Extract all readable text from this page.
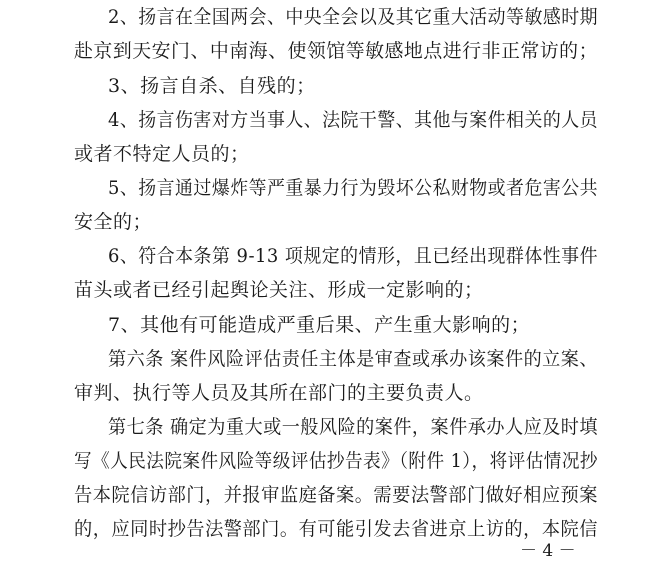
2、扬言在全国两会、中央全会以及其它重大活动等敏感时期
赴京到天安门、中南海、使领馆等敏感地点进行非正常访的；
3、扬言自杀、自残的；
4、扬言伤害对方当事人、法院干警、其他与案件相关的人员
或者不特定人员的；
5、扬言通过爆炸等严重暴力行为毁坏公私财物或者危害公共
安全的；
6、符合本条第 9-13 项规定的情形，且已经出现群体性事件
苗头或者已经引起舆论关注、形成一定影响的；
7、其他有可能造成严重后果、产生重大影响的；
第六条 案件风险评估责任主体是审查或承办该案件的立案、
审判、执行等人员及其所在部门的主要负责人。
第七条 确定为重大或一般风险的案件，案件承办人应及时填
写《人民法院案件风险等级评估抄告表》（附件 1），将评估情况抄
告本院信访部门，并报审监庭备案。需要法警部门做好相应预案
的，应同时抄告法警部门。有可能引发去省进京上访的，本院信
－ 4 －
